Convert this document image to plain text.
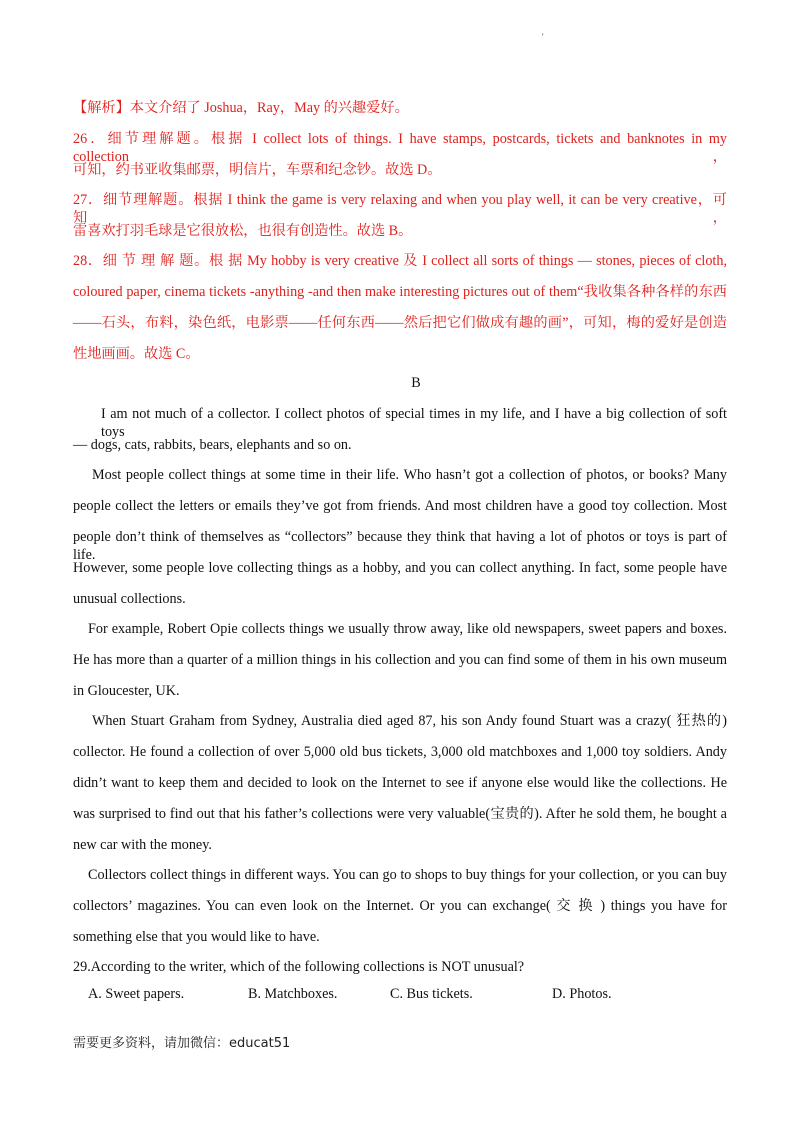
'
【解析】本文介绍了 Joshua，Ray，May 的兴趣爱好。
26．细节理解题。根据 I collect lots of things. I have stamps, postcards, tickets and banknotes in my collection，
可知，约书亚收集邮票，明信片，车票和纪念钞。故选 D。
27．细节理解题。根据 I think the game is very relaxing and when you play well, it can be very creative，可知，
雷喜欢打羽毛球是它很放松，也很有创造性。故选 B。
28．细 节 理 解 题。根 据 My hobby is very creative 及 I collect all sorts of things — stones, pieces of cloth,
coloured paper, cinema tickets -anything -and then make interesting pictures out of them“我收集各种各样的东西
——石头，布料，染色纸，电影票——任何东西——然后把它们做成有趣的画”，可知，梅的爱好是创造
性地画画。故选 C。
B
I am not much of a collector. I collect photos of special times in my life, and I have a big collection of soft toys
— dogs, cats, rabbits, bears, elephants and so on.
Most people collect things at some time in their life. Who hasn’t got a collection of photos, or books? Many
people collect the letters or emails they’ve got from friends. And most children have a good toy collection. Most
people don’t think of themselves as “collectors” because they think that having a lot of photos or toys is part of life.
However, some people love collecting things as a hobby, and you can collect anything. In fact, some people have
unusual collections.
For example, Robert Opie collects things we usually throw away, like old newspapers, sweet papers and boxes.
He has more than a quarter of a million things in his collection and you can find some of them in his own museum
in Gloucester, UK.
When Stuart Graham from Sydney, Australia died aged 87, his son Andy found Stuart was a crazy( 狂热的)
collector. He found a collection of over 5,000 old bus tickets, 3,000 old matchboxes and 1,000 toy soldiers. Andy
didn’t want to keep them and decided to look on the Internet to see if anyone else would like the collections. He
was surprised to find out that his father’s collections were very valuable(宝贵的). After he sold them, he bought a
new car with the money.
Collectors collect things in different ways. You can go to shops to buy things for your collection, or you can buy
collectors’ magazines. You can even look on the Internet. Or you can exchange( 交 换 ) things you have for
something else that you would like to have.
29.According to the writer, which of the following collections is NOT unusual?
A. Sweet papers.	B. Matchboxes.	C. Bus tickets.	D. Photos.
需要更多资料，请加微信：educat51
